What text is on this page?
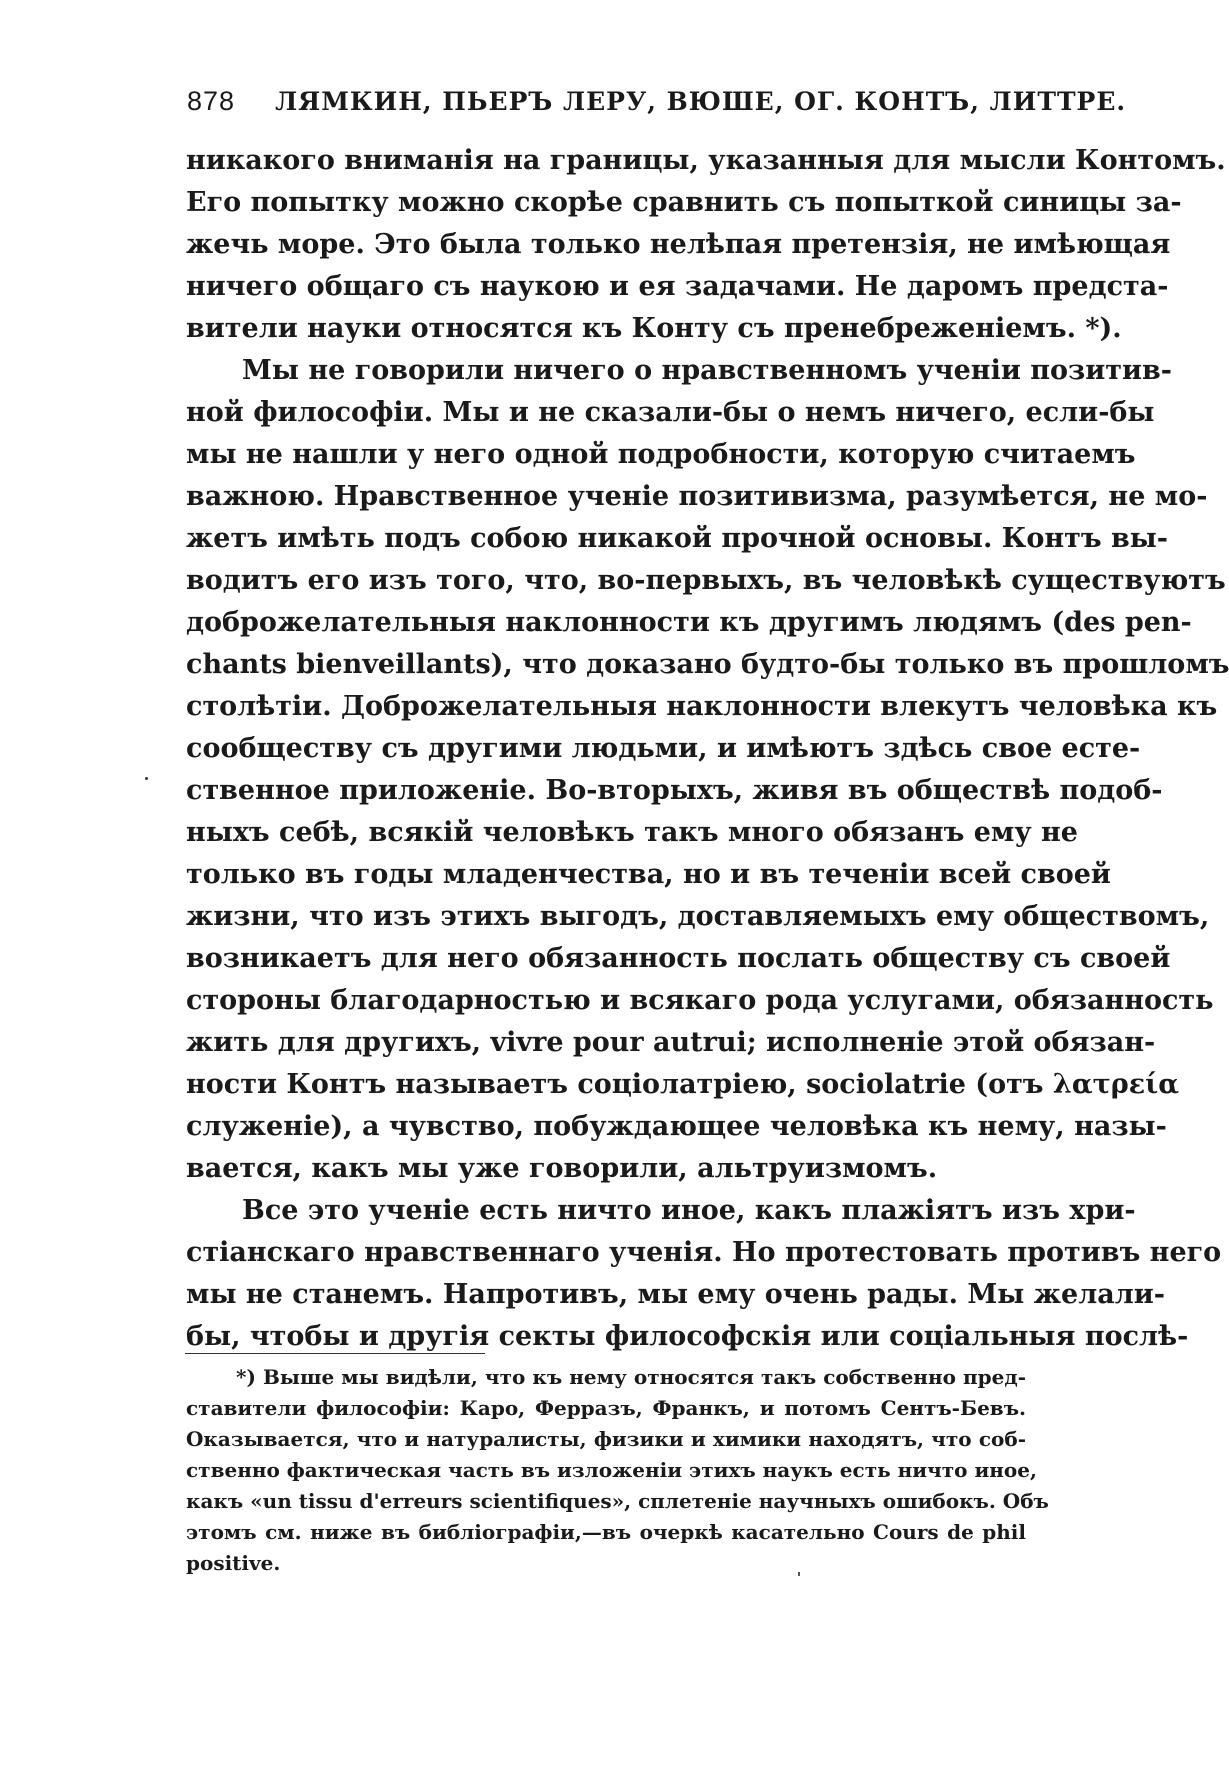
878 ЛЯМКИН, ПЬЕРЪ ЛЕРУ, ВЮШЕ, ОГ. КОНТЪ, ЛИТТРЕ.
никакого вниманія на границы, указанныя для мысли Контомъ.
Его попытку можно скорѣе сравнить съ попыткой синицы за-
жечь море. Это была только нелѣпая претензія, не имѣющая
ничего общаго съ наукою и ея задачами. Не даромъ предста-
вители науки относятся къ Конту съ пренебреженіемъ. *).
Мы не говорили ничего о нравственномъ ученіи позитив-
ной философіи. Мы и не сказали-бы о немъ ничего, если-бы
мы не нашли у него одной подробности, которую считаемъ
важною. Нравственное ученіе позитивизма, разумѣется, не мо-
жетъ имѣть подъ собою никакой прочной основы. Контъ вы-
водитъ его изъ того, что, во-первыхъ, въ человѣкѣ существуютъ
доброжелательныя наклонности къ другимъ людямъ (des pen-
chants bienveillants), что доказано будто-бы только въ прошломъ
столѣтіи. Доброжелательныя наклонности влекутъ человѣка къ
сообществу съ другими людьми, и имѣютъ здѣсь свое есте-
ственное приложеніе. Во-вторыхъ, живя въ обществѣ подоб-
ныхъ себѣ, всякій человѣкъ такъ много обязанъ ему не
только въ годы младенчества, но и въ теченіи всей своей
жизни, что изъ этихъ выгодъ, доставляемыхъ ему обществомъ,
возникаетъ для него обязанность послать обществу съ своей
стороны благодарностью и всякаго рода услугами, обязанность
жить для другихъ, vivre pour autrui; исполненіе этой обязан-
ности Контъ называетъ соціолатріею, sociolatrie (отъ λατρεία
служеніе), а чувство, побуждающее человѣка къ нему, назы-
вается, какъ мы уже говорили, альтруизмомъ.
Все это ученіе есть ничто иное, какъ плажіятъ изъ хри-
стіанскаго нравственнаго ученія. Но протестовать противъ него
мы не станемъ. Напротивъ, мы ему очень рады. Мы желали-
бы, чтобы и другія секты философскія или соціальныя послѣ-
*) Выше мы видѣли, что къ нему относятся такъ собственно пред-
ставители философіи: Каро, Ферразъ, Франкъ, и потомъ Сентъ-Бевъ.
Оказывается, что и натуралисты, физики и химики находятъ, что соб-
ственно фактическая часть въ изложеніи этихъ наукъ есть ничто иное,
какъ «un tissu d'erreurs scientifiques», сплетеніе научныхъ ошибокъ. Объ
этомъ см. ниже въ библіографіи,—въ очеркѣ касательно Cours de phil
positive.
